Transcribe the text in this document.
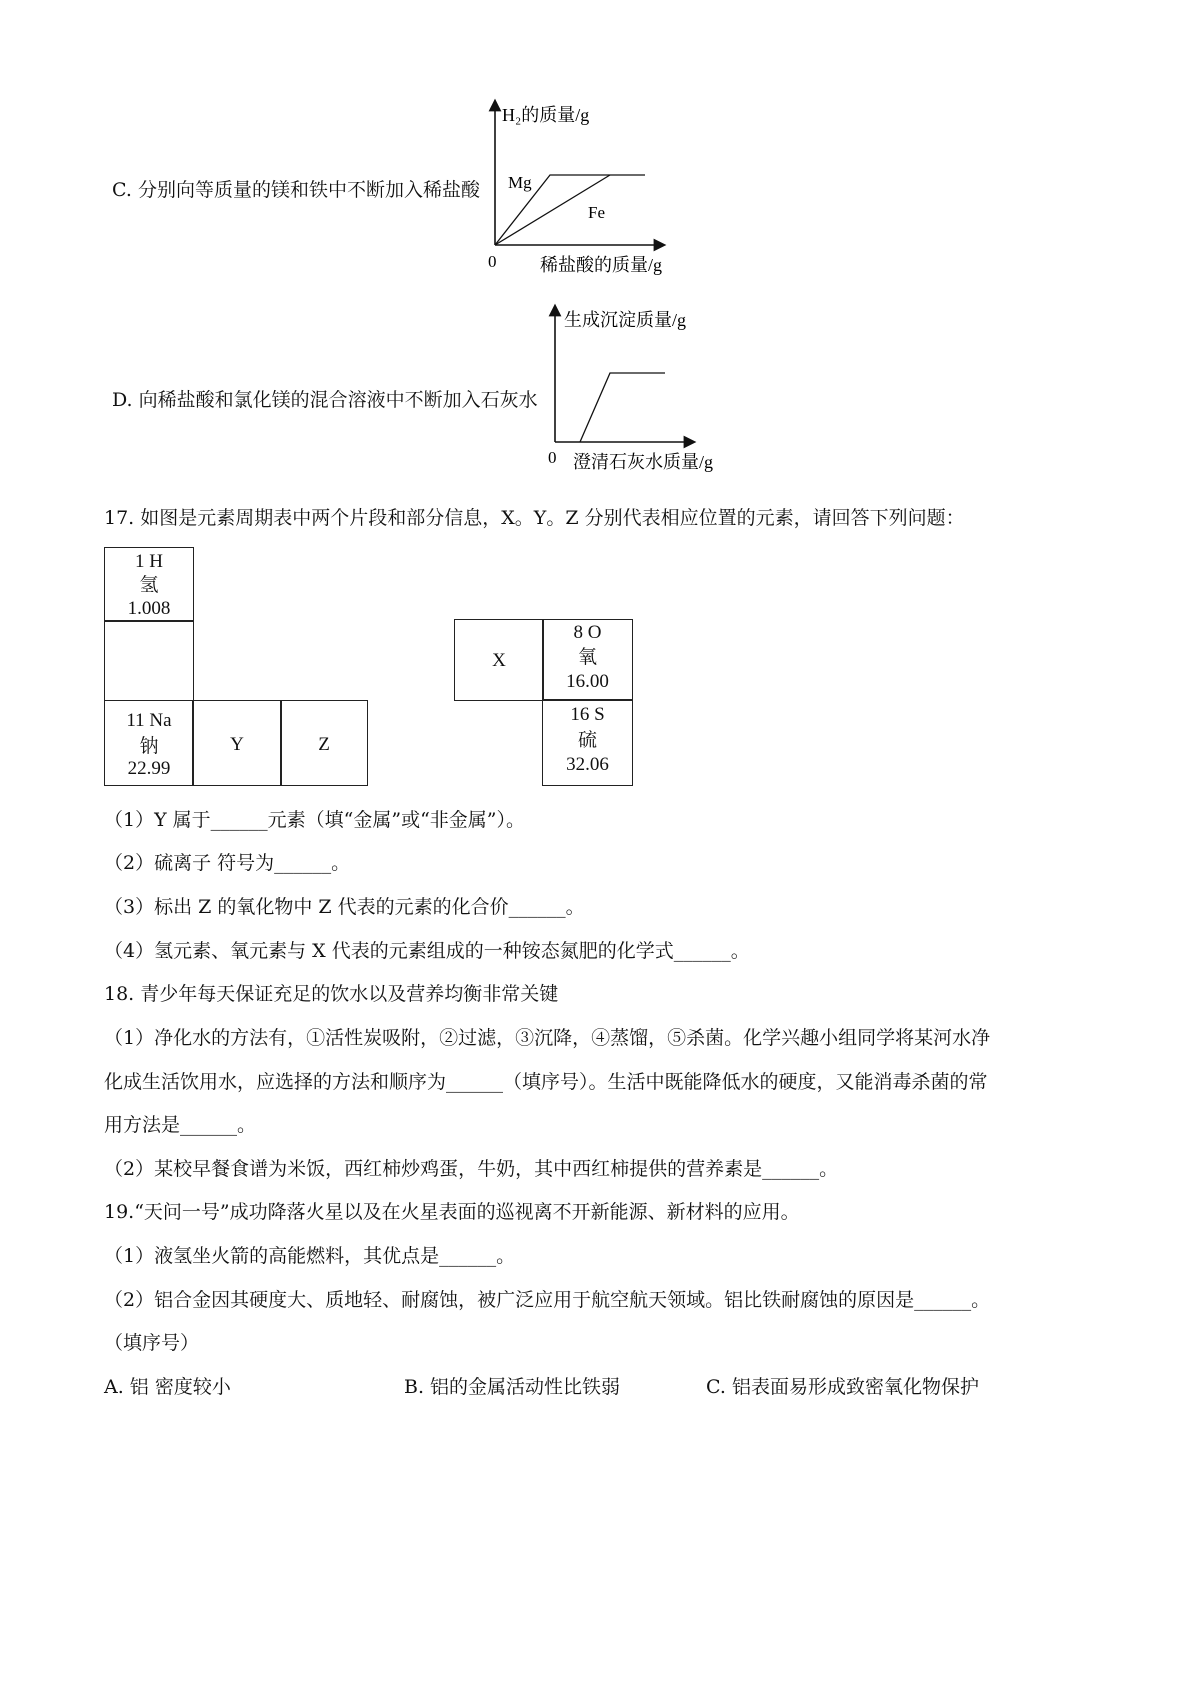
C. 分别向等质量的镁和铁中不断加入稀盐酸
H₂的质量/g
Mg
Fe
0 稀盐酸的质量/g
D. 向稀盐酸和氯化镁的混合溶液中不断加入石灰水
生成沉淀质量/g
0 澄清石灰水质量/g
17. 如图是元素周期表中两个片段和部分信息，X。Y。Z 分别代表相应位置的元素，请回答下列问题：
1 H
氢
1.008
11 Na
钠
22.99
Y	Z
X
8 O
氧
16.00
16 S
硫
32.06
（1）Y 属于______元素（填“金属”或“非金属”）。
（2）硫离子 符号为______。
（3）标出 Z 的氧化物中 Z 代表的元素的化合价______。
（4）氢元素、氧元素与 X 代表的元素组成的一种铵态氮肥的化学式______。
18. 青少年每天保证充足的饮水以及营养均衡非常关键
（1）净化水的方法有，①活性炭吸附，②过滤，③沉降，④蒸馏，⑤杀菌。化学兴趣小组同学将某河水净
化成生活饮用水，应选择的方法和顺序为______（填序号）。生活中既能降低水的硬度，又能消毒杀菌的常
用方法是______。
（2）某校早餐食谱为米饭，西红柿炒鸡蛋，牛奶，其中西红柿提供的营养素是______。
19.“天问一号”成功降落火星以及在火星表面的巡视离不开新能源、新材料的应用。
（1）液氢坐火箭的高能燃料，其优点是______。
（2）铝合金因其硬度大、质地轻、耐腐蚀，被广泛应用于航空航天领域。铝比铁耐腐蚀的原因是______。
（填序号）
A. 铝 密度较小	B. 铝的金属活动性比铁弱	C. 铝表面易形成致密氧化物保护
